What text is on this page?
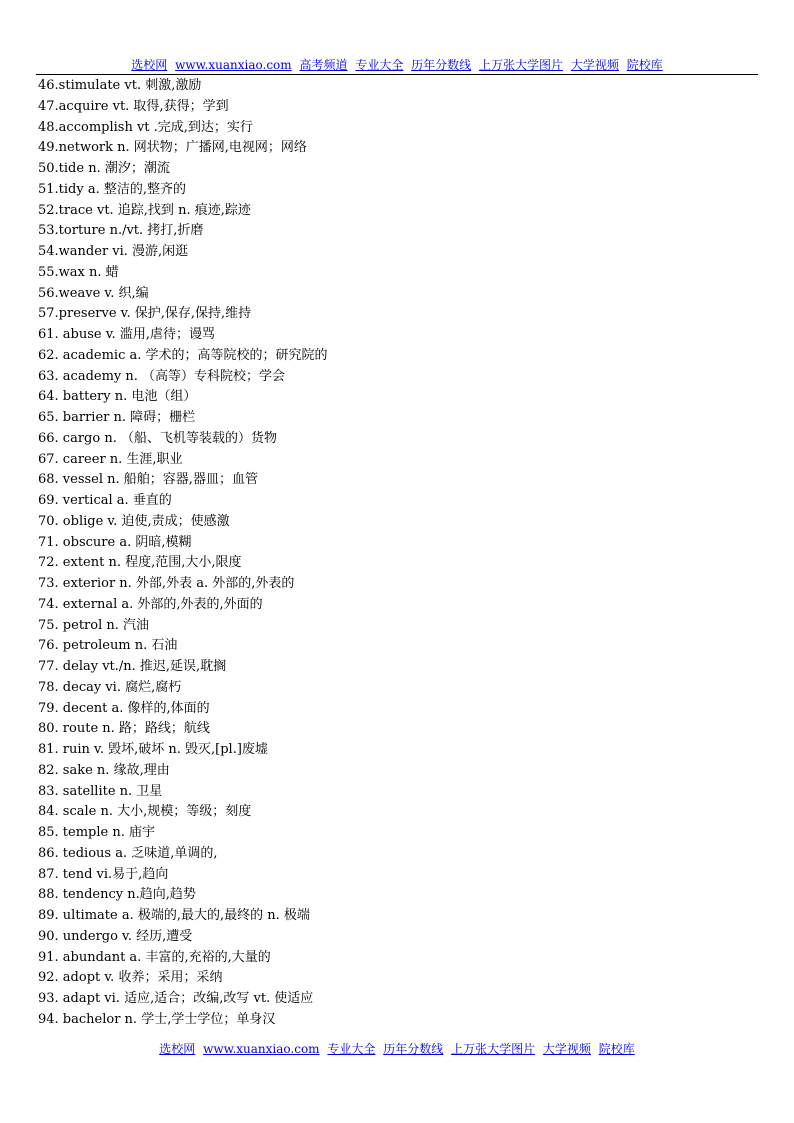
选校网 www.xuanxiao.com 高考频道 专业大全 历年分数线 上万张大学图片 大学视频 院校库
46.stimulate vt. 刺激,激励
47.acquire vt. 取得,获得；学到
48.accomplish vt .完成,到达；实行
49.network n. 网状物；广播网,电视网；网络
50.tide n. 潮汐；潮流
51.tidy a. 整洁的,整齐的
52.trace vt. 追踪,找到 n. 痕迹,踪迹
53.torture n./vt. 拷打,折磨
54.wander vi. 漫游,闲逛
55.wax n. 蜡
56.weave v. 织,编
57.preserve v. 保护,保存,保持,维持
61. abuse v. 滥用,虐待；谩骂
62. academic a. 学术的；高等院校的；研究院的
63. academy n. （高等）专科院校；学会
64. battery n. 电池（组）
65. barrier n. 障碍；栅栏
66. cargo n. （船、飞机等装载的）货物
67. career n. 生涯,职业
68. vessel n. 船舶；容器,器皿；血管
69. vertical a. 垂直的
70. oblige v. 迫使,责成；使感激
71. obscure a. 阴暗,模糊
72. extent n. 程度,范围,大小,限度
73. exterior n. 外部,外表 a. 外部的,外表的
74. external a. 外部的,外表的,外面的
75. petrol n. 汽油
76. petroleum n. 石油
77. delay vt./n. 推迟,延误,耽搁
78. decay vi. 腐烂,腐朽
79. decent a. 像样的,体面的
80. route n. 路；路线；航线
81. ruin v. 毁坏,破坏 n. 毁灭,[pl.]废墟
82. sake n. 缘故,理由
83. satellite n. 卫星
84. scale n. 大小,规模；等级；刻度
85. temple n. 庙宇
86. tedious a. 乏味道,单调的,
87. tend vi.易于,趋向
88. tendency n.趋向,趋势
89. ultimate a. 极端的,最大的,最终的 n. 极端
90. undergo v. 经历,遭受
91. abundant a. 丰富的,充裕的,大量的
92. adopt v. 收养；采用；采纳
93. adapt vi. 适应,适合；改编,改写 vt. 使适应
94. bachelor n. 学士,学士学位；单身汉
选校网 www.xuanxiao.com 专业大全 历年分数线 上万张大学图片 大学视频 院校库
